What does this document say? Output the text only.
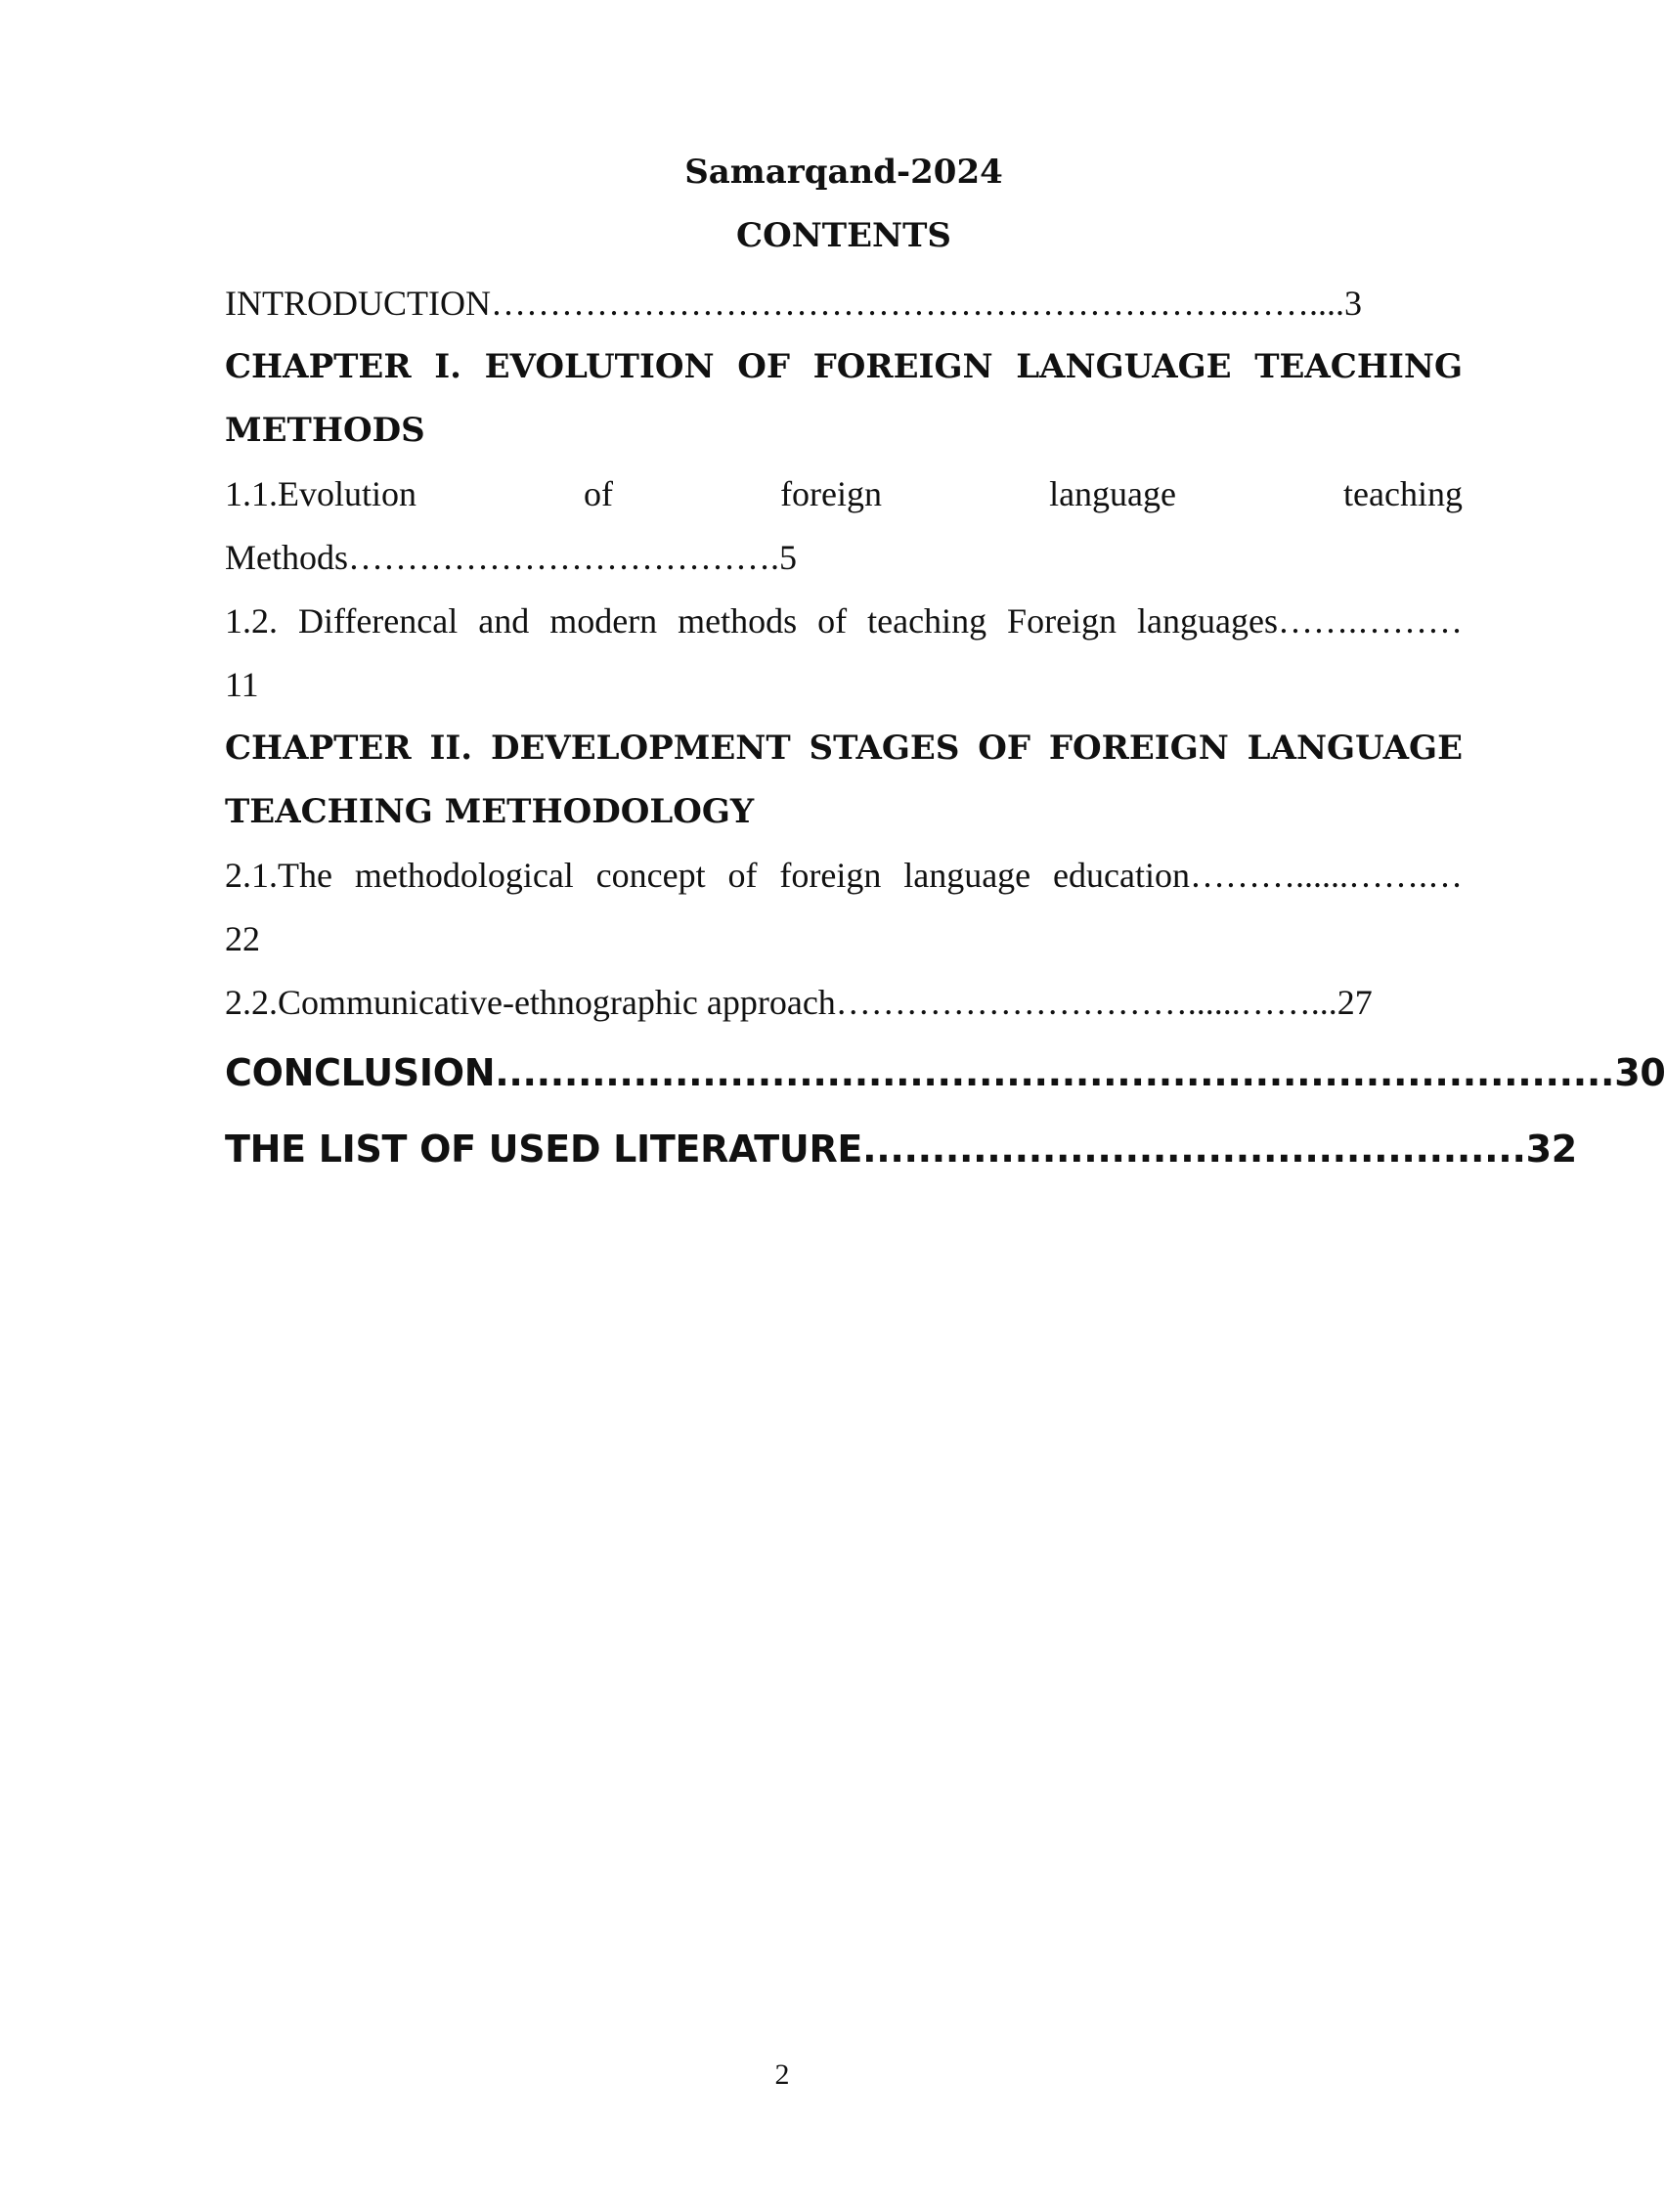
Samarqand-2024
CONTENTS
INTRODUCTION……………………………………………………….……....3
CHAPTER I. EVOLUTION OF FOREIGN LANGUAGE TEACHING
METHODS
1.1.Evolution	of	foreign	language	teaching
Methods……………………………….5
1.2. Differencal and modern methods of teaching Foreign languages…….………
11
CHAPTER II. DEVELOPMENT STAGES OF FOREIGN LANGUAGE
TEACHING METHODOLOGY
2.1.The methodological concept of foreign language education………......…….…
22
2.2.Communicative-ethnographic approach…………………………......……...27
CONCLUSION.................................................................................30
THE LIST OF USED LITERATURE................................................32
2
